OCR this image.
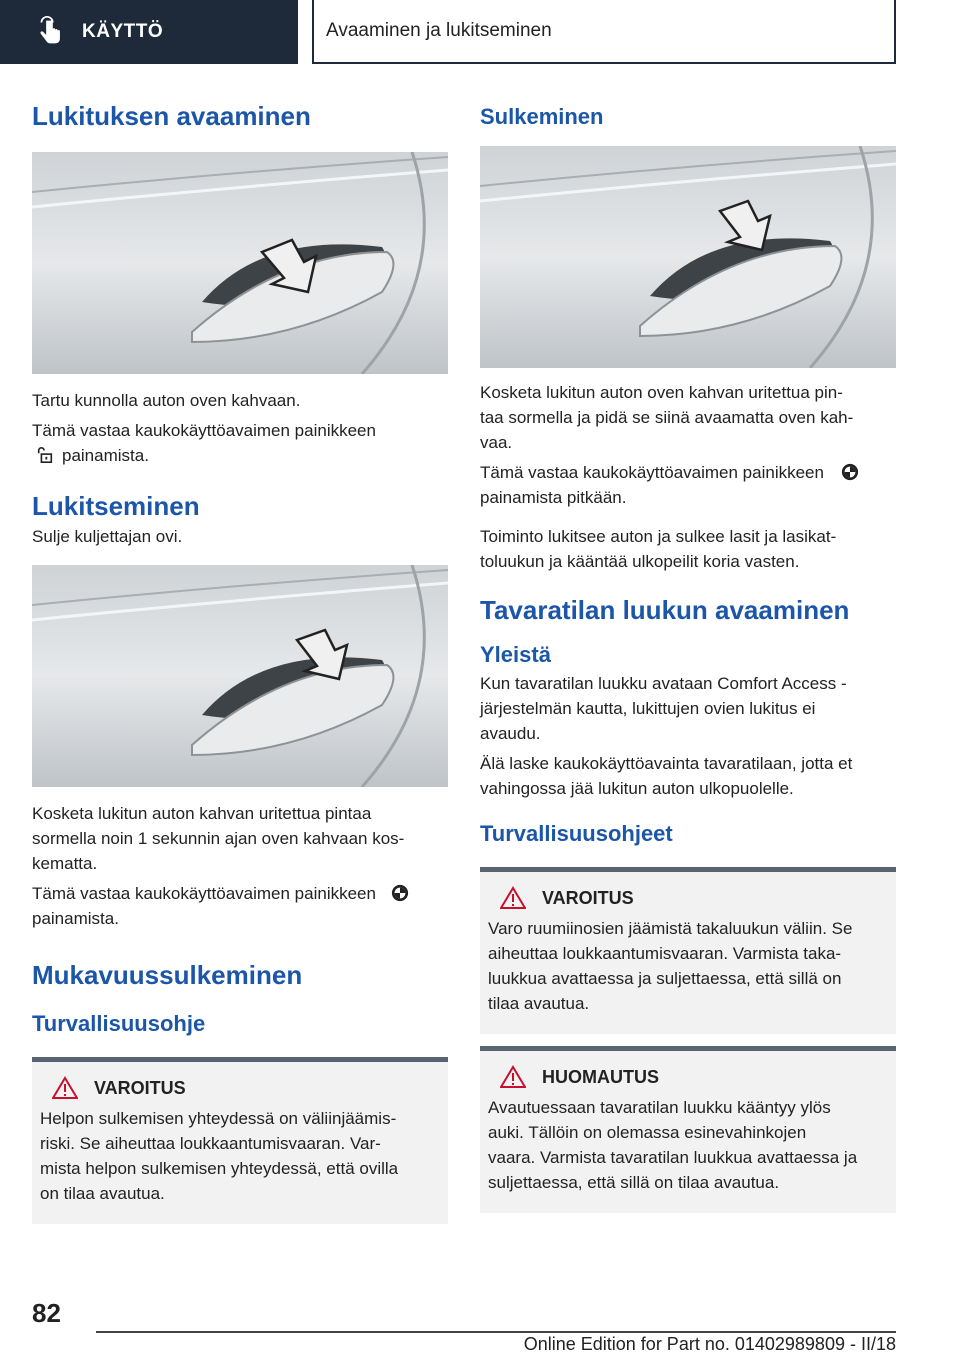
KÄYTTÖ	Avaaminen ja lukitseminen
Lukituksen avaaminen

Tartu kunnolla auton oven kahvaan.

Tämä vastaa kaukokäyttöavaimen painikkeen

painamista.

Lukitseminen

Sulje kuljettajan ovi.

Kosketa lukitun auton kahvan uritettua pintaa

sormella noin 1 sekunnin ajan oven kahvaan kos-

kematta.

Tämä vastaa kaukokäyttöavaimen painikkeen

painamista.

Mukavuussulkeminen
Turvallisuusohje
VAROITUS

Helpon sulkemisen yhteydessä on väliinjäämis-

riski. Se aiheuttaa loukkaantumisvaaran. Var-

mista helpon sulkemisen yhteydessä, että ovilla

on tilaa avautua.

Sulkeminen

Kosketa lukitun auton oven kahvan uritettua pin-

taa sormella ja pidä se siinä avaamatta oven kah-

vaa.

Tämä vastaa kaukokäyttöavaimen painikkeen

painamista pitkään.

Toiminto lukitsee auton ja sulkee lasit ja lasikat-

toluukun ja kääntää ulkopeilit koria vasten.

Tavaratilan luukun avaaminen
Yleistä

Kun tavaratilan luukku avataan Comfort Access -

järjestelmän kautta, lukittujen ovien lukitus ei

avaudu.

Älä laske kaukokäyttöavainta tavaratilaan, jotta et

vahingossa jää lukitun auton ulkopuolelle.

Turvallisuusohjeet
VAROITUS

Varo ruumiinosien jäämistä takaluukun väliin. Se

aiheuttaa loukkaantumisvaaran. Varmista taka-

luukkua avattaessa ja suljettaessa, että sillä on

tilaa avautua.

HUOMAUTUS

Avautuessaan tavaratilan luukku kääntyy ylös

auki. Tällöin on olemassa esinevahinkojen

vaara. Varmista tavaratilan luukkua avattaessa ja

suljettaessa, että sillä on tilaa avautua.

82
Online Edition for Part no. 01402989809 - II/18
